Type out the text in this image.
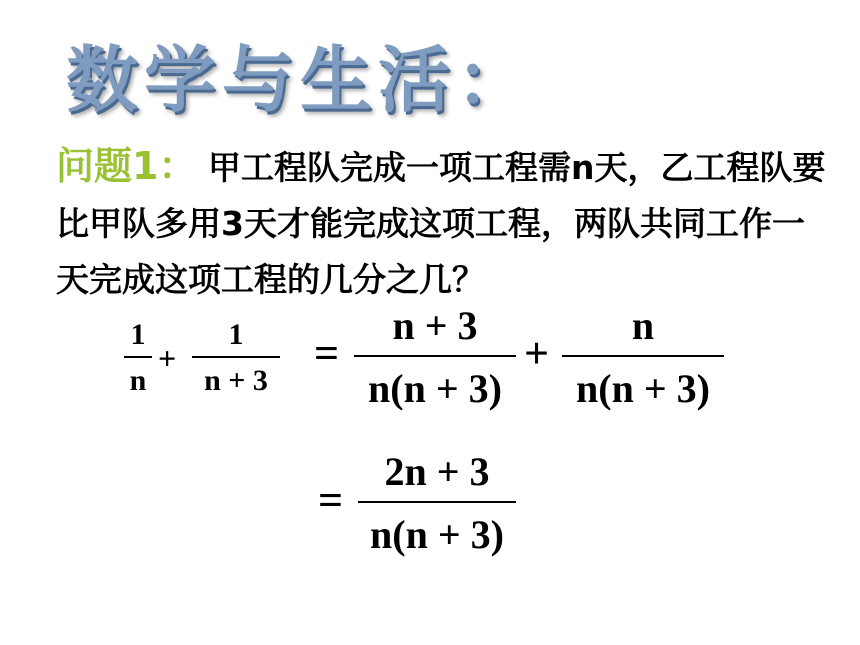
数学与生活：
问题1： 甲工程队完成一项工程需n天，乙工程队要比甲队多用3天才能完成这项工程，两队共同工作一天完成这项工程的几分之几？
1
n
+
1
n + 3
=
n + 3
n(n + 3)
+
n
n(n + 3)
=
2n + 3
n(n + 3)
